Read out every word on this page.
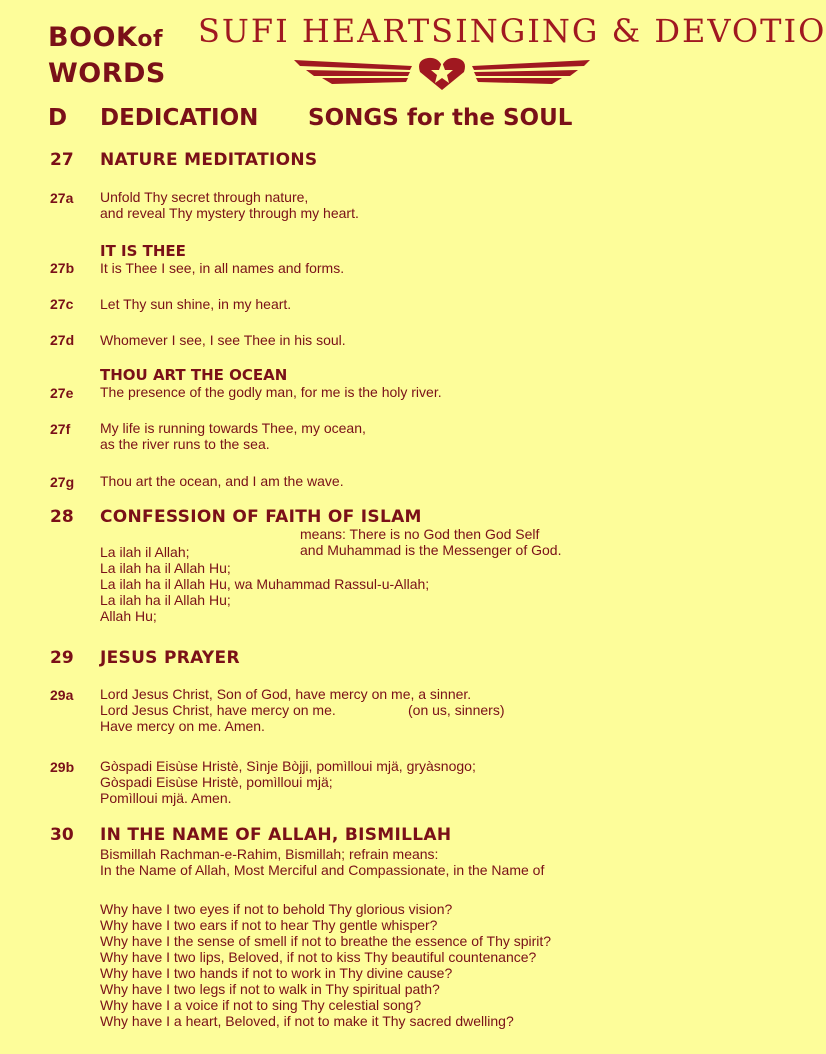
BOOKof
WORDS
SUFI HEARTSINGING & DEVOTIO
D DEDICATION SONGS for the SOUL
27 NATURE MEDITATIONS
27a Unfold Thy secret through nature,
and reveal Thy mystery through my heart.
IT IS THEE
27b It is Thee I see, in all names and forms.
27c Let Thy sun shine, in my heart.
27d Whomever I see, I see Thee in his soul.
THOU ART THE OCEAN
27e The presence of the godly man, for me is the holy river.
27f My life is running towards Thee, my ocean,
as the river runs to the sea.
27g Thou art the ocean, and I am the wave.
28 CONFESSION OF FAITH OF ISLAM
means: There is no God then God Self
and Muhammad is the Messenger of God.
La ilah il Allah;
La ilah ha il Allah Hu;
La ilah ha il Allah Hu, wa Muhammad Rassul-u-Allah;
La ilah ha il Allah Hu;
Allah Hu;
29 JESUS PRAYER
29a Lord Jesus Christ, Son of God, have mercy on me, a sinner.
Lord Jesus Christ, have mercy on me.
Have mercy on me. Amen.
(on us, sinners)
29b Gòspadi Eisùse Hristè, Sìnje Bòjji, pomìlloui mjä, gryàsnogo;
Gòspadi Eisùse Hristè, pomìlloui mjä;
Pomìlloui mjä. Amen.
30 IN THE NAME OF ALLAH, BISMILLAH
Bismillah Rachman-e-Rahim, Bismillah; refrain means:
In the Name of Allah, Most Merciful and Compassionate, in the Name of
Why have I two eyes if not to behold Thy glorious vision?
Why have I two ears if not to hear Thy gentle whisper?
Why have I the sense of smell if not to breathe the essence of Thy spirit?
Why have I two lips, Beloved, if not to kiss Thy beautiful countenance?
Why have I two hands if not to work in Thy divine cause?
Why have I two legs if not to walk in Thy spiritual path?
Why have I a voice if not to sing Thy celestial song?
Why have I a heart, Beloved, if not to make it Thy sacred dwelling?
